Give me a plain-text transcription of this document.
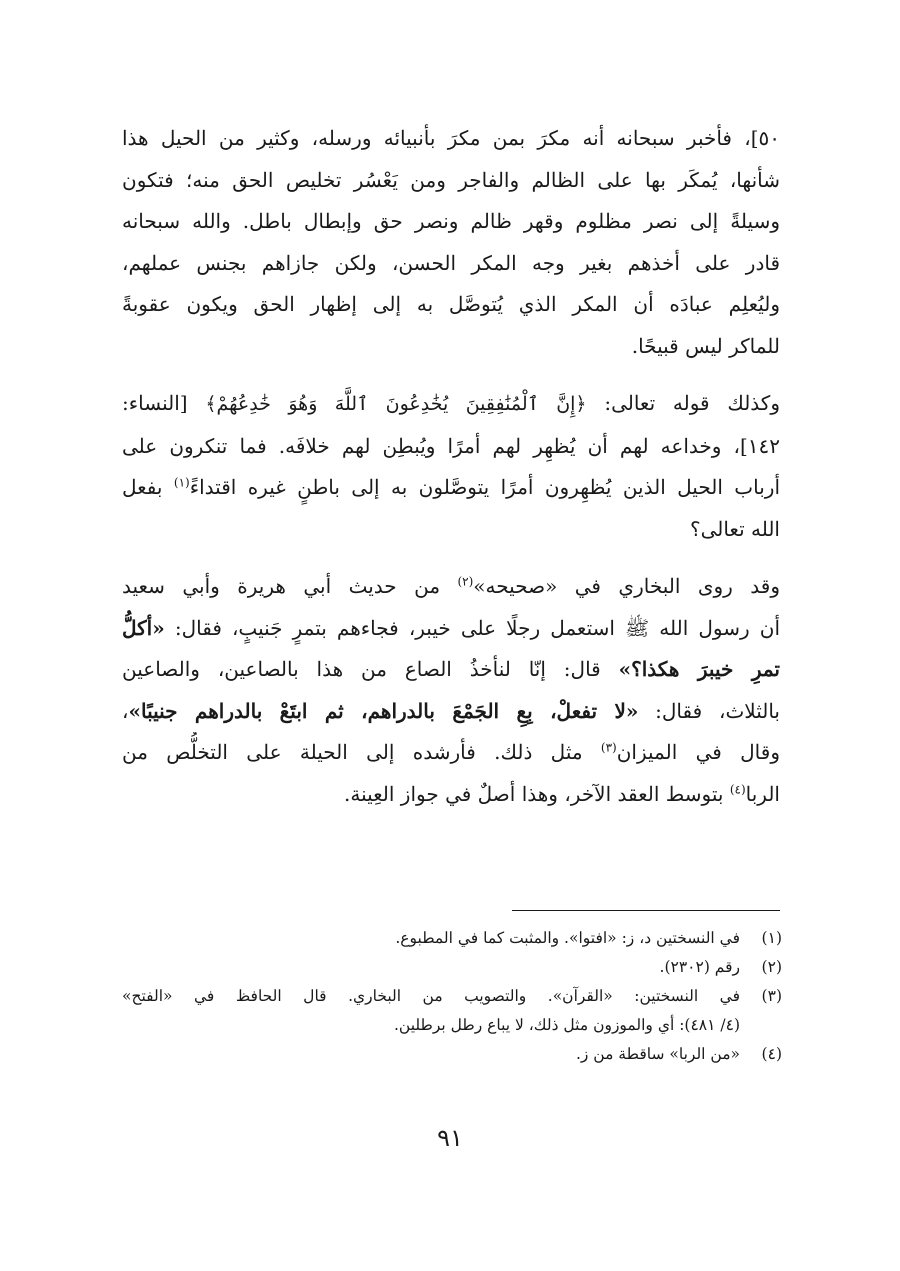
٥٠]، فأخبر سبحانه أنه مكرَ بمن مكرَ بأنبيائه ورسله، وكثير من الحيل هذا
شأنها، يُمكَر بها على الظالم والفاجر ومن يَعْسُر تخليص الحق منه؛ فتكون
وسيلةً إلى نصر مظلوم وقهر ظالم ونصر حق وإبطال باطل. والله سبحانه
قادر على أخذهم بغير وجه المكر الحسن، ولكن جازاهم بجنس عملهم،
وليُعلِم عبادَه أن المكر الذي يُتوصَّل به إلى إظهار الحق ويكون عقوبةً
للماكر ليس قبيحًا.

وكذلك قوله تعالى: ﴿إِنَّ ٱلْمُنَٰفِقِينَ يُخَٰدِعُونَ ٱللَّهَ وَهُوَ خَٰدِعُهُمْ﴾ [النساء:
١٤٢]، وخداعه لهم أن يُظهِر لهم أمرًا ويُبطِن لهم خلافَه. فما تنكرون على
أرباب الحيل الذين يُظهِرون أمرًا يتوصَّلون به إلى باطنٍ غيره اقتداءً$^{(١)}$ بفعل
الله تعالى؟

وقد روى البخاري في «صحيحه»$^{(٢)}$ من حديث أبي هريرة وأبي سعيد
أن رسول الله ﷺ استعمل رجلًا على خيبر، فجاءهم بتمرٍ جَنيبٍ، فقال: «أكلُّ
تمرِ خيبرَ هكذا؟» قال: إنّا لنأخذُ الصاع من هذا بالصاعين، والصاعين
بالثلاث، فقال: «لا تفعلْ، بِعِ الجَمْعَ بالدراهم، ثم ابتَعْ بالدراهم جنيبًا»،
وقال في الميزان$^{(٣)}$ مثل ذلك. فأرشده إلى الحيلة على التخلُّص من
الربا$^{(٤)}$ بتوسط العقد الآخر، وهذا أصلٌ في جواز العِينة.

(١)
في النسختين د، ز: «افتوا». والمثبت كما في المطبوع.
(٢)
رقم (٢٣٠٢).
(٣)
في النسختين: «القرآن». والتصويب من البخاري. قال الحافظ في «الفتح»
(٤/ ٤٨١): أي والموزون مثل ذلك، لا يباع رطل برطلين.
(٤)
«من الربا» ساقطة من ز.
٩١
